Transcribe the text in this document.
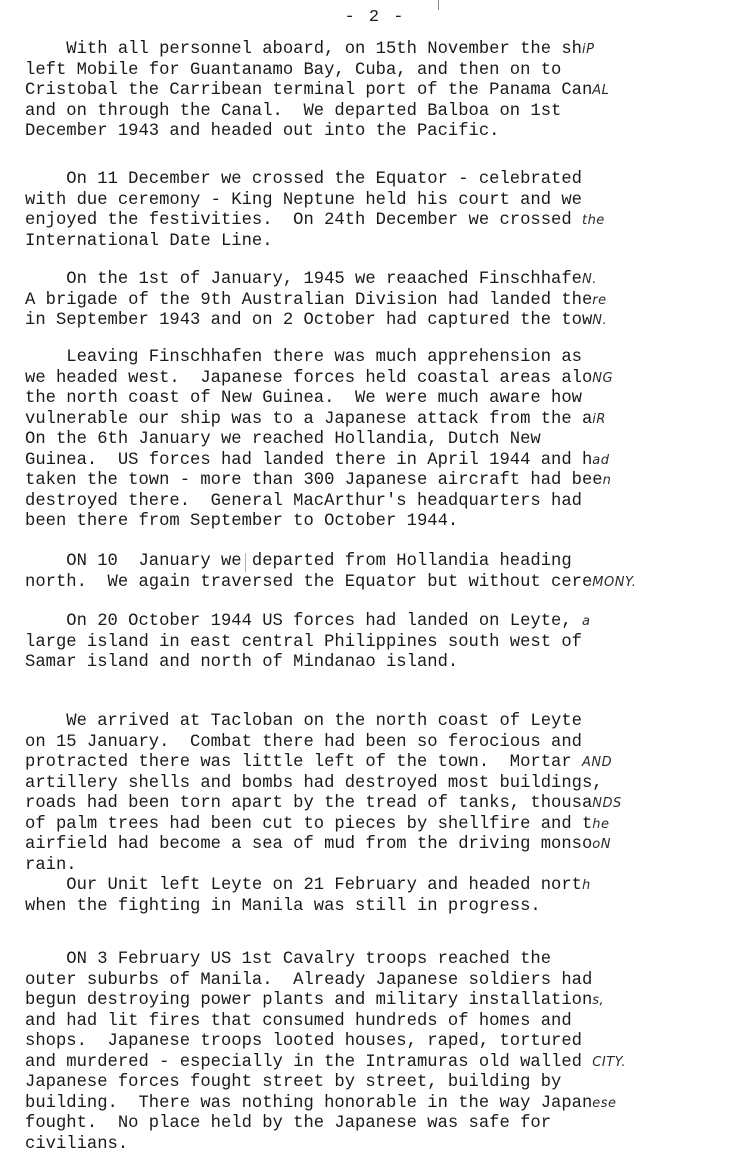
- 2 -
With all personnel aboard, on 15th November the shiP
left Mobile for Guantanamo Bay, Cuba, and then on to
Cristobal the Carribean terminal port of the Panama CanAL
and on through the Canal.  We departed Balboa on 1st
December 1943 and headed out into the Pacific.
On 11 December we crossed the Equator - celebrated
with due ceremony - King Neptune held his court and we
enjoyed the festivities.  On 24th December we crossed the
International Date Line.
On the 1st of January, 1945 we reaached FinschhafeN.
A brigade of the 9th Australian Division had landed there
in September 1943 and on 2 October had captured the towN.
Leaving Finschhafen there was much apprehension as
we headed west.  Japanese forces held coastal areas aloNG
the north coast of New Guinea.  We were much aware how
vulnerable our ship was to a Japanese attack from the aiR
On the 6th January we reached Hollandia, Dutch New
Guinea.  US forces had landed there in April 1944 and had
taken the town - more than 300 Japanese aircraft had been
destroyed there.  General MacArthur's headquarters had
been there from September to October 1944.
ON 10  January we departed from Hollandia heading
north.  We again traversed the Equator but without cereMONY.
On 20 October 1944 US forces had landed on Leyte, a
large island in east central Philippines south west of
Samar island and north of Mindanao island.
We arrived at Tacloban on the north coast of Leyte
on 15 January.  Combat there had been so ferocious and
protracted there was little left of the town.  Mortar AND
artillery shells and bombs had destroyed most buildings,
roads had been torn apart by the tread of tanks, thousaNDS
of palm trees had been cut to pieces by shellfire and the
airfield had become a sea of mud from the driving monsooN
rain.
Our Unit left Leyte on 21 February and headed north
when the fighting in Manila was still in progress.
ON 3 February US 1st Cavalry troops reached the
outer suburbs of Manila.  Already Japanese soldiers had
begun destroying power plants and military installations,
and had lit fires that consumed hundreds of homes and
shops.  Japanese troops looted houses, raped, tortured
and murdered - especially in the Intramuras old walled CITY.
Japanese forces fought street by street, building by
building.  There was nothing honorable in the way Japanese
fought.  No place held by the Japanese was safe for
civilians.
